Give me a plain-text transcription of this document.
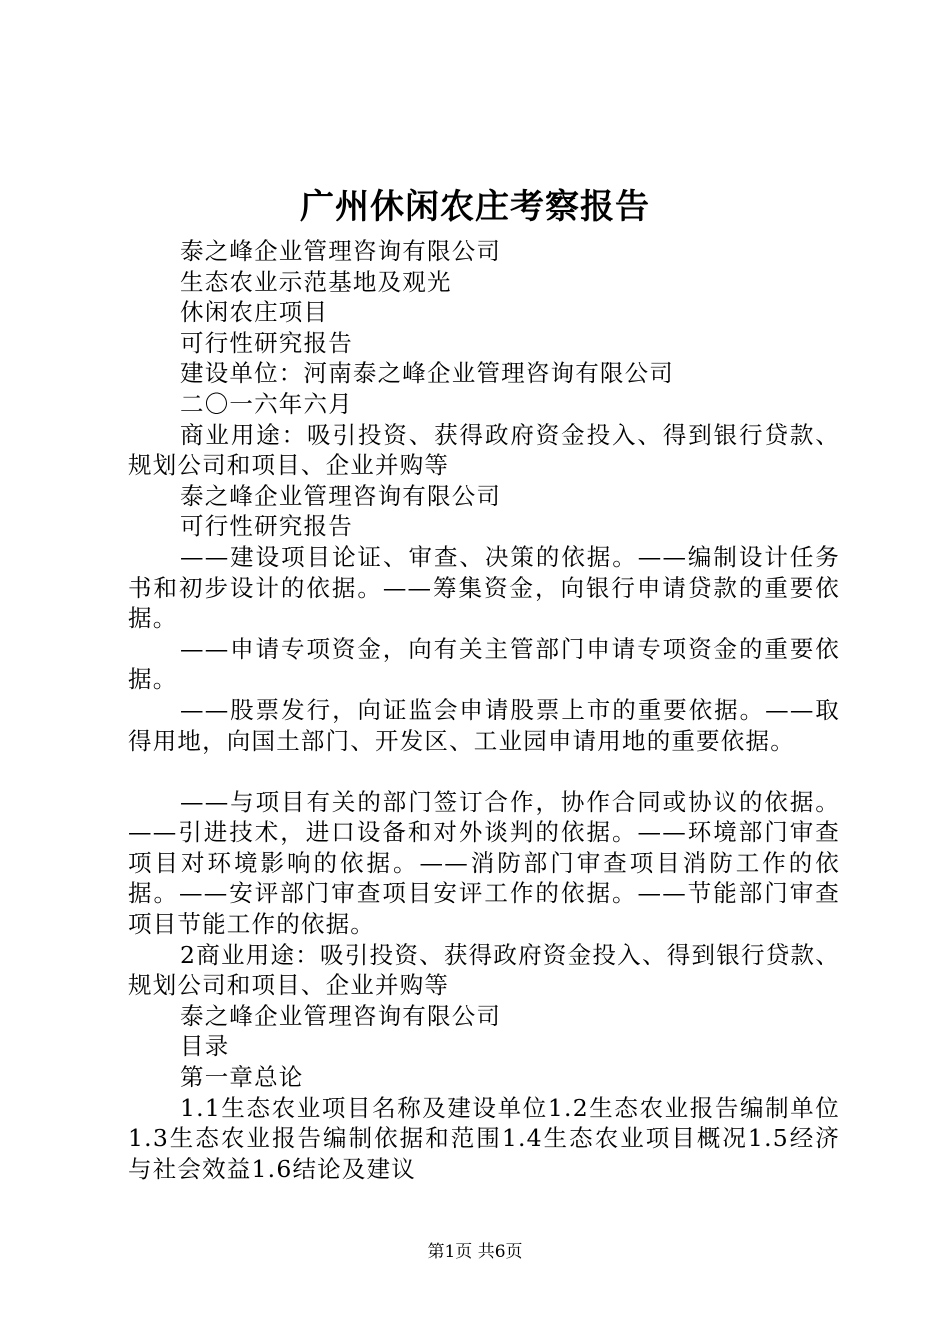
广州休闲农庄考察报告

泰之峰企业管理咨询有限公司

生态农业示范基地及观光

休闲农庄项目

可行性研究报告

建设单位：河南泰之峰企业管理咨询有限公司

二〇一六年六月

商业用途：吸引投资、获得政府资金投入、得到银行贷款、规划公司和项目、企业并购等

泰之峰企业管理咨询有限公司

可行性研究报告

——建设项目论证、审查、决策的依据。——编制设计任务书和初步设计的依据。——筹集资金，向银行申请贷款的重要依据。

——申请专项资金，向有关主管部门申请专项资金的重要依据。

——股票发行，向证监会申请股票上市的重要依据。——取得用地，向国土部门、开发区、工业园申请用地的重要依据。

——与项目有关的部门签订合作，协作合同或协议的依据。——引进技术，进口设备和对外谈判的依据。——环境部门审查项目对环境影响的依据。——消防部门审查项目消防工作的依据。——安评部门审查项目安评工作的依据。——节能部门审查项目节能工作的依据。

2商业用途：吸引投资、获得政府资金投入、得到银行贷款、规划公司和项目、企业并购等

泰之峰企业管理咨询有限公司

目录

第一章总论

1.1生态农业项目名称及建设单位1.2生态农业报告编制单位1.3生态农业报告编制依据和范围1.4生态农业项目概况1.5经济与社会效益1.6结论及建议

第1页 共6页
